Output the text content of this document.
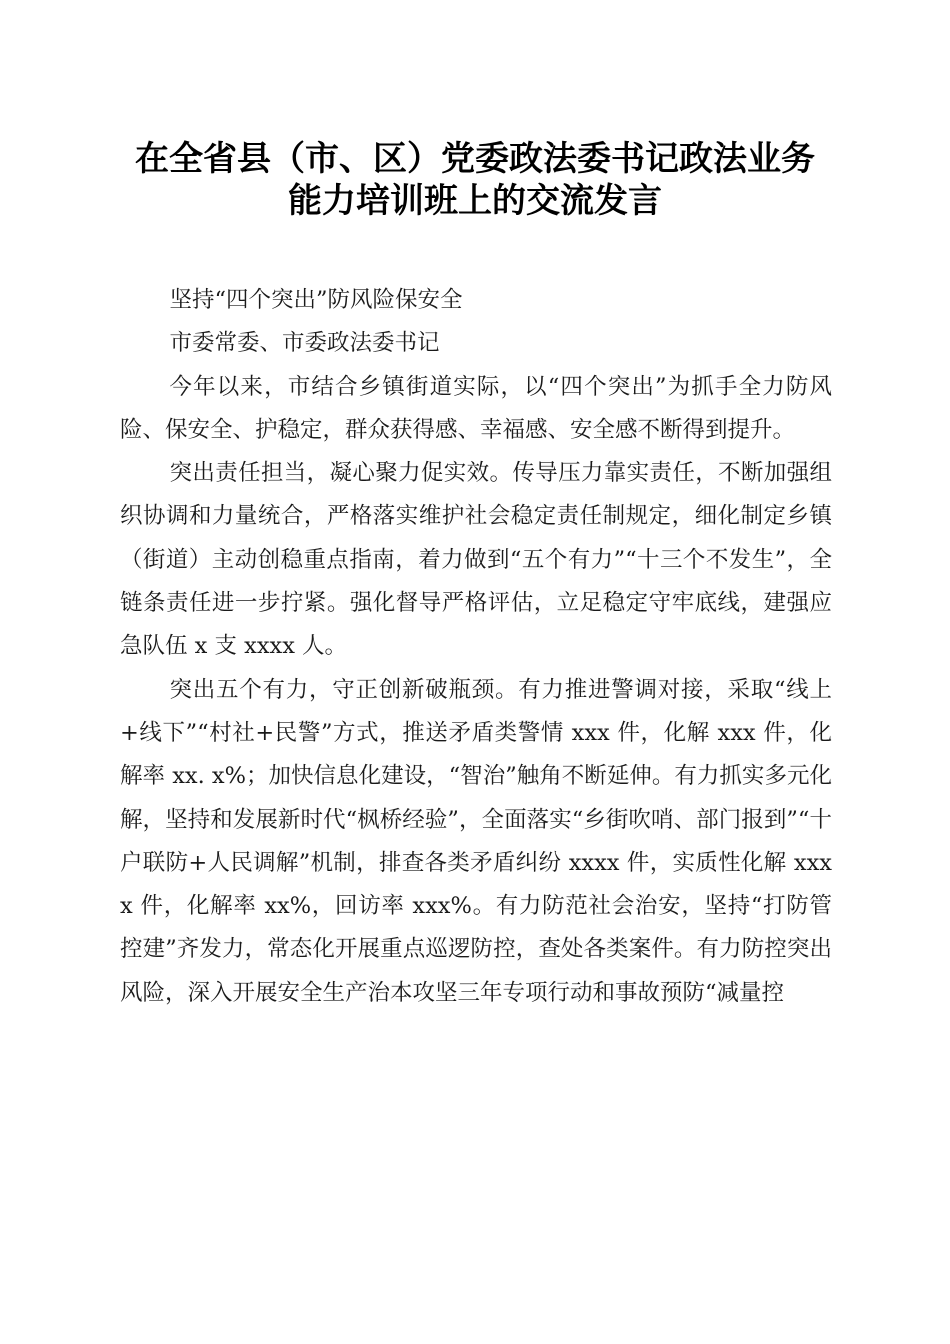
在全省县（市、区）党委政法委书记政法业务
能力培训班上的交流发言

坚持“四个突出”防风险保安全

市委常委、市委政法委书记

今年以来，市结合乡镇街道实际，以“四个突出”为抓手全力防风险、保安全、护稳定，群众获得感、幸福感、安全感不断得到提升。

突出责任担当，凝心聚力促实效。传导压力靠实责任，不断加强组织协调和力量统合，严格落实维护社会稳定责任制规定，细化制定乡镇（街道）主动创稳重点指南，着力做到“五个有力”“十三个不发生”，全链条责任进一步拧紧。强化督导严格评估，立足稳定守牢底线，建强应急队伍 x 支 xxxx 人。

突出五个有力，守正创新破瓶颈。有力推进警调对接，采取“线上+线下”“村社+民警”方式，推送矛盾类警情 xxx 件，化解 xxx 件，化解率 xx. x%；加快信息化建设，“智治”触角不断延伸。有力抓实多元化解，坚持和发展新时代“枫桥经验”，全面落实“乡街吹哨、部门报到”“十户联防+人民调解”机制，排查各类矛盾纠纷 xxxx 件，实质性化解 xxxx 件，化解率 xx%，回访率 xxx%。有力防范社会治安，坚持“打防管控建”齐发力，常态化开展重点巡逻防控，查处各类案件。有力防控突出风险，深入开展安全生产治本攻坚三年专项行动和事故预防“减量控
